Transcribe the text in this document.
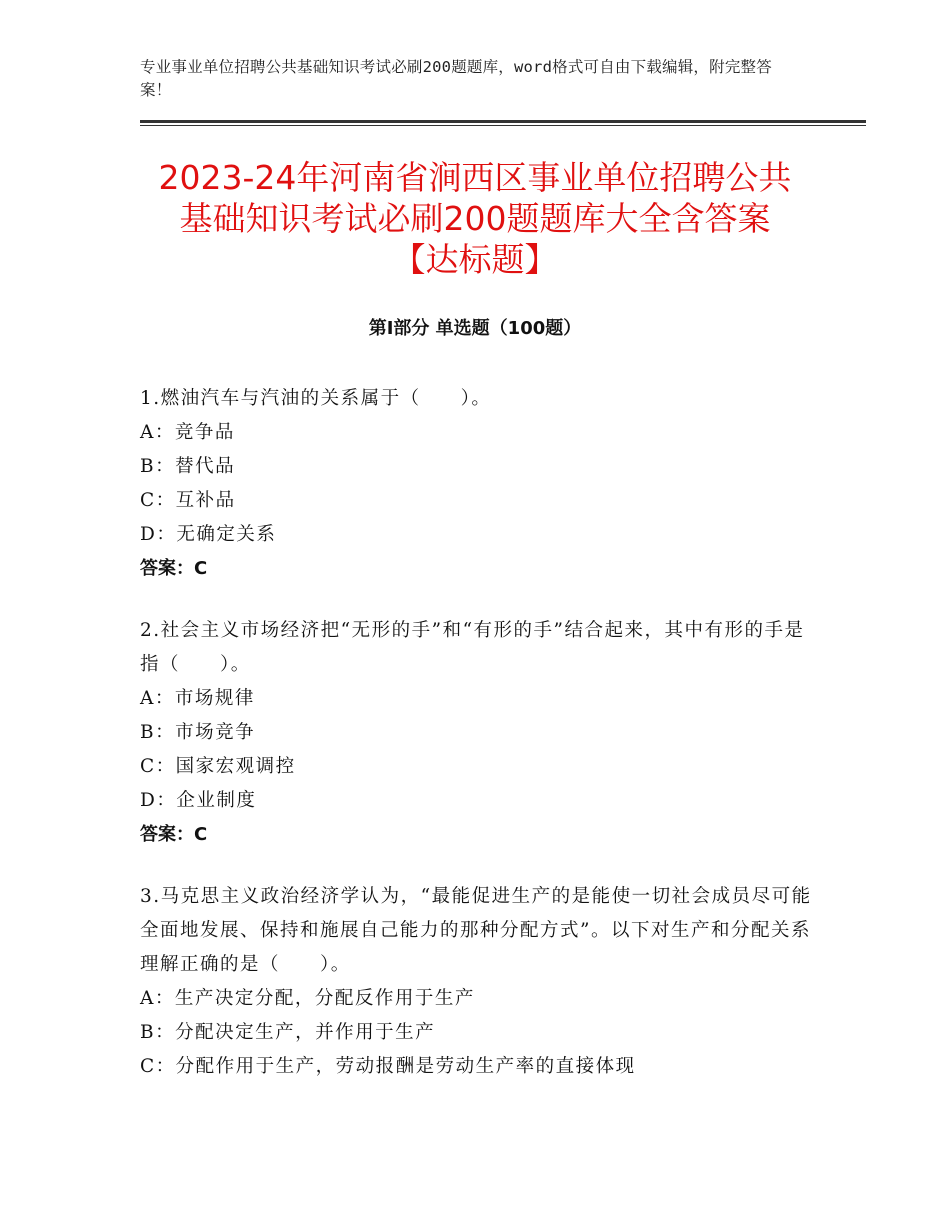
专业事业单位招聘公共基础知识考试必刷200题题库，word格式可自由下载编辑，附完整答案！
2023-24年河南省涧西区事业单位招聘公共
基础知识考试必刷200题题库大全含答案
【达标题】
第Ⅰ部分 单选题（100题）
1.燃油汽车与汽油的关系属于（　　）。
A：竞争品
B：替代品
C：互补品
D：无确定关系
答案：C
2.社会主义市场经济把“无形的手”和“有形的手”结合起来，其中有形的手是指（　　）。
A：市场规律
B：市场竞争
C：国家宏观调控
D：企业制度
答案：C
3.马克思主义政治经济学认为，“最能促进生产的是能使一切社会成员尽可能全面地发展、保持和施展自己能力的那种分配方式”。以下对生产和分配关系理解正确的是（　　）。
A：生产决定分配，分配反作用于生产
B：分配决定生产，并作用于生产
C：分配作用于生产，劳动报酬是劳动生产率的直接体现
